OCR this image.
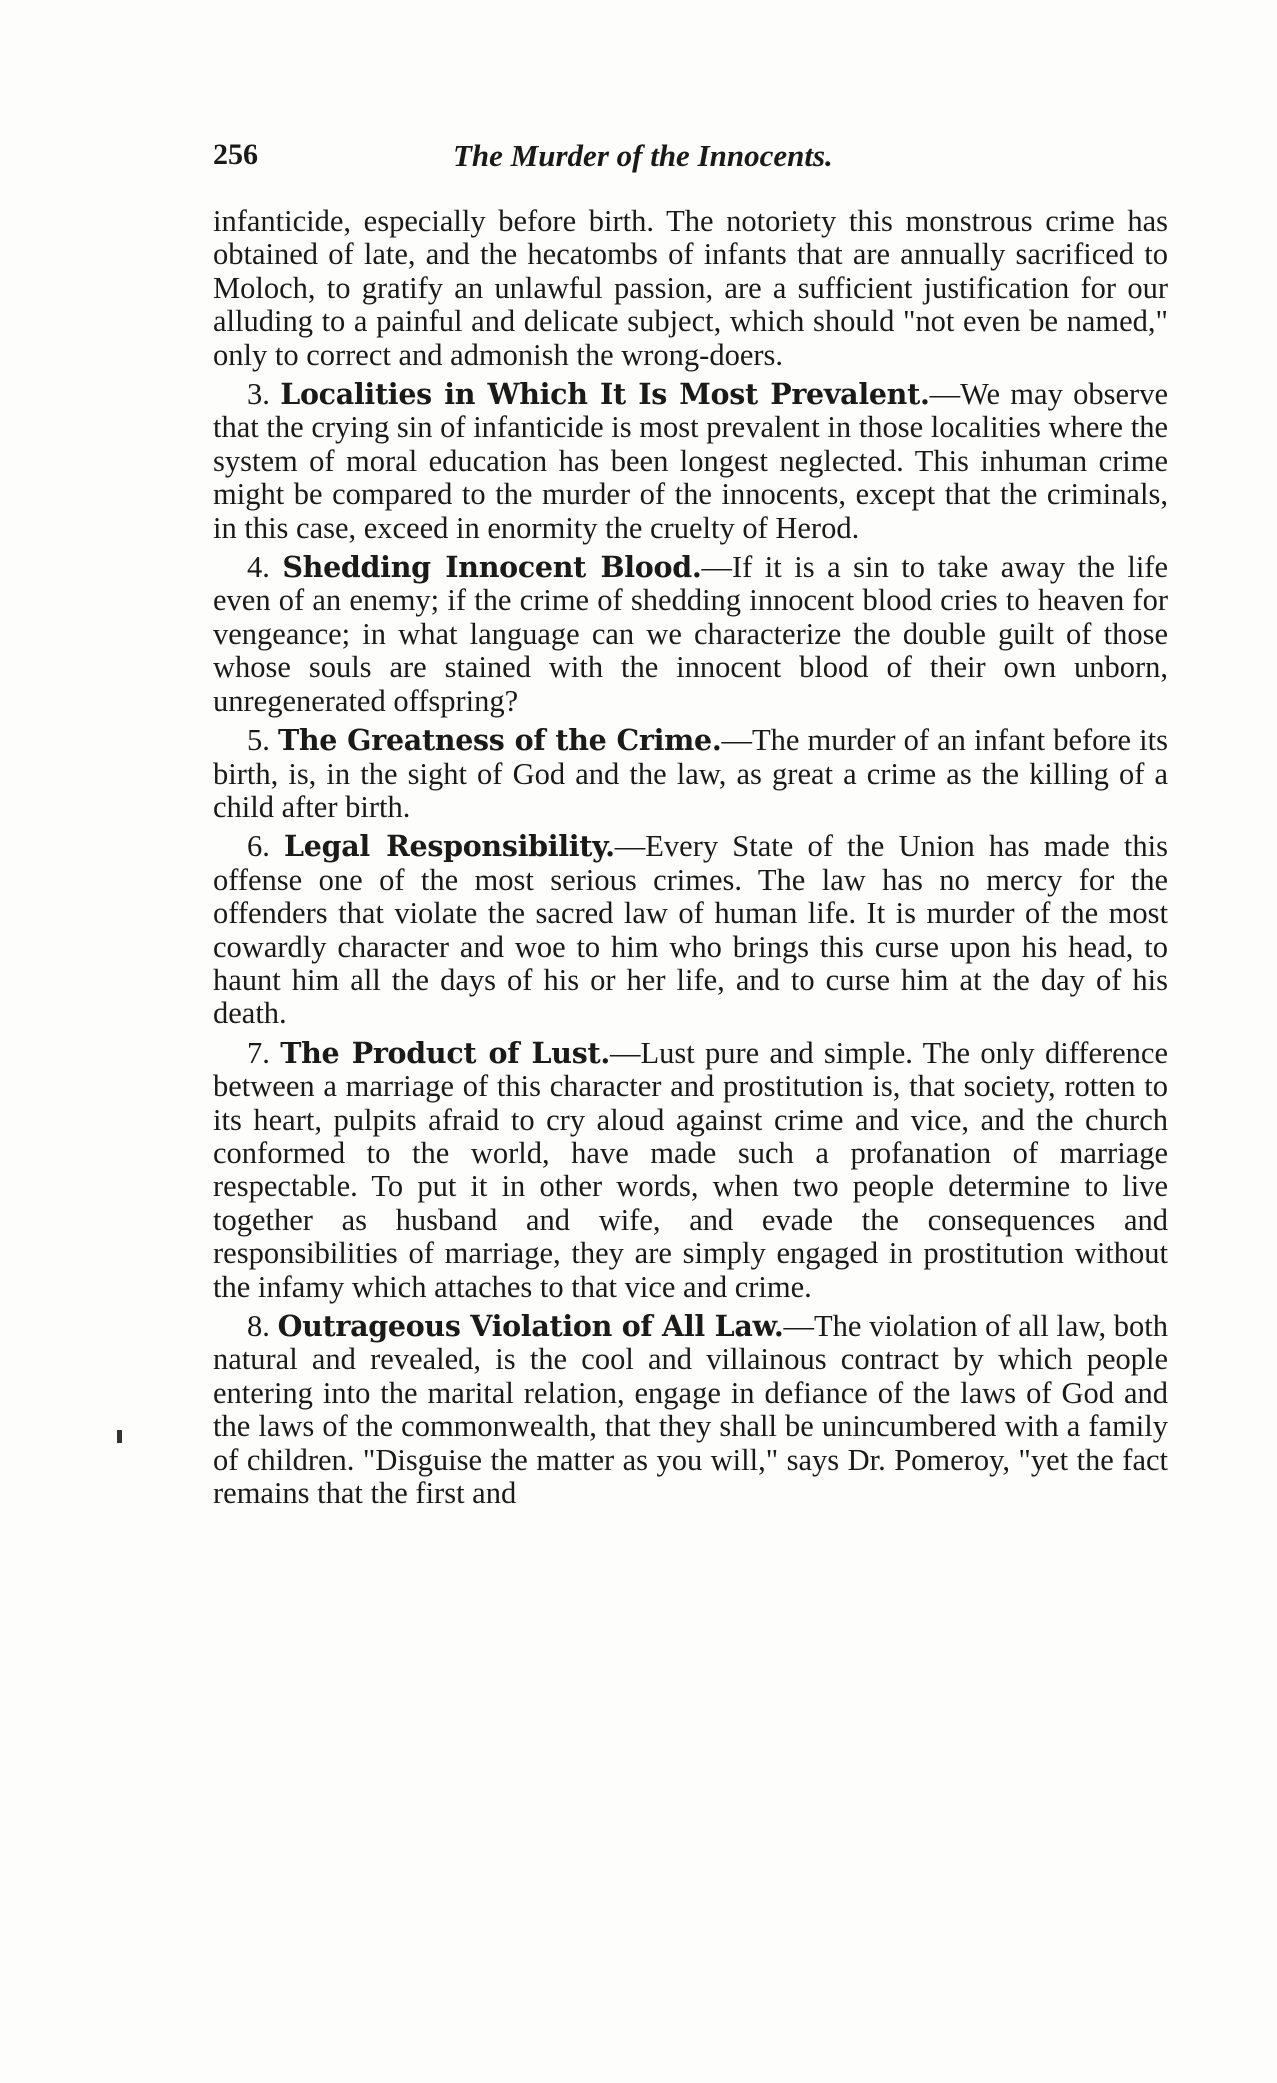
256	The Murder of the Innocents.

infanticide, especially before birth. The notoriety this monstrous crime has obtained of late, and the hecatombs of infants that are annually sacrificed to Moloch, to gratify an unlawful passion, are a sufficient justification for our alluding to a painful and delicate subject, which should "not even be named," only to correct and admonish the wrong-doers.

3. Localities in Which It Is Most Prevalent.—We may observe that the crying sin of infanticide is most prevalent in those localities where the system of moral education has been longest neglected. This inhuman crime might be compared to the murder of the innocents, except that the criminals, in this case, exceed in enormity the cruelty of Herod.

4. Shedding Innocent Blood.—If it is a sin to take away the life even of an enemy; if the crime of shedding innocent blood cries to heaven for vengeance; in what language can we characterize the double guilt of those whose souls are stained with the innocent blood of their own unborn, unregenerated offspring?

5. The Greatness of the Crime.—The murder of an infant before its birth, is, in the sight of God and the law, as great a crime as the killing of a child after birth.

6. Legal Responsibility.—Every State of the Union has made this offense one of the most serious crimes. The law has no mercy for the offenders that violate the sacred law of human life. It is murder of the most cowardly character and woe to him who brings this curse upon his head, to haunt him all the days of his or her life, and to curse him at the day of his death.

7. The Product of Lust.—Lust pure and simple. The only difference between a marriage of this character and prostitution is, that society, rotten to its heart, pulpits afraid to cry aloud against crime and vice, and the church conformed to the world, have made such a profanation of marriage respectable. To put it in other words, when two people determine to live together as husband and wife, and evade the consequences and responsibilities of marriage, they are simply engaged in prostitution without the infamy which attaches to that vice and crime.

8. Outrageous Violation of All Law.—The violation of all law, both natural and revealed, is the cool and villainous contract by which people entering into the marital relation, engage in defiance of the laws of God and the laws of the commonwealth, that they shall be unincumbered with a family of children. "Disguise the matter as you will," says Dr. Pomeroy, "yet the fact remains that the first and
